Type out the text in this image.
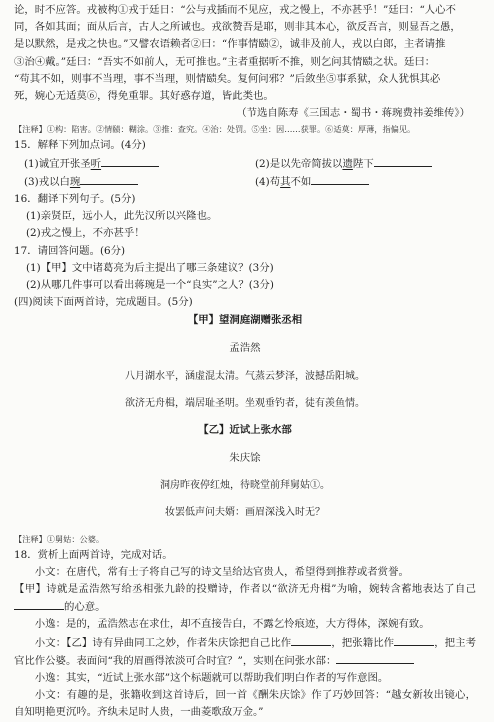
论，时不应答。戎被构①戎于廷日：“公与戎插而不见应，戎之慢上，不亦甚乎！”廷曰：“人心不

同，各如其面；面从后言，古人之所诫也。戎欲赞吾是耶，则非其本心，欲反吾言，则显吾之愚，

是以默然，是戎之快也。”又譬农语赖者②曰：“作事情赜②，诚非及前人，戎以白郎，主者请推

③治④戴。”廷曰：“吾实不如前人，无可推也。”主者重据听不推，则乞问其情赜之状。廷曰：

“苟其不如，则事不当理，事不当理，则情赜矣。复何问邪？”后敛坐⑤事系狱，众人犹惧其必

死，婉心无适莫⑥，得免重罪。其好惑存道，皆此类也。

（节选自陈寿《三国志・蜀书・蒋琬费祎姜维传》）

【注释】①构：陷害。②情赜：糊涂。③推：查究。④治：处罚。⑤坐：因……获罪。⑥适莫：厚薄，指偏见。

15．解释下列加点词。(4分)

(1)诚宜开张圣听	(2)是以先帝简拔以遗陛下
(3)戎以白琬	(4)苟其不如

16．翻译下列句子。(5分)

(1)亲贤臣，远小人，此先汉所以兴隆也。

(2)戎之慢上，不亦甚乎！

17．请回答问题。(6分)

(1)【甲】文中诸葛亮为后主提出了哪三条建议？(3分)

(2)从哪几件事可以看出蒋琬是一个“良实”之人？(3分)

(四)阅读下面两首诗，完成题目。(5分)

【甲】望洞庭湖赠张丞相

孟浩然

八月湖水平，涵虚混太清。气蒸云梦泽，波撼岳阳城。

欲济无舟楫，端居耻圣明。坐观垂钓者，徒有羡鱼情。

【乙】近试上张水部

朱庆馀

洞房昨夜停红烛，待晓堂前拜舅姑①。

妆罢低声问夫婿：画眉深浅入时无？

【注释】①舅姑：公婆。

18．赏析上面两首诗，完成对话。

小文：在唐代，常有士子将自己写的诗文呈给达官贵人，希望得到推荐或者赏誉。

【甲】诗就是孟浩然写给丞相张九龄的投赠诗，作者以“欲济无舟楫”为喻，婉转含蓄地表达了自己的心意。

小逸：是的，孟浩然志在求仕，却不直接告白，不露乞怜痕迹，大方得体，深婉有致。

小文：【乙】诗有异曲同工之妙，作者朱庆馀把自己比作	，把张籍比作	，把主考官比作公婆。表面问“我的眉画得浓淡可合时宜？”，实则在问张水部：

小逸：其实，“近试上张水部”这个标题就可以帮助我们明白作者的写作意图。

小文：有趣的是，张籍收到这首诗后，回一首《酬朱庆馀》作了巧妙回答：“越女新妆出镜心，自知明艳更沉吟。齐纨未足时人贵，一曲菱歌敌万金。”
